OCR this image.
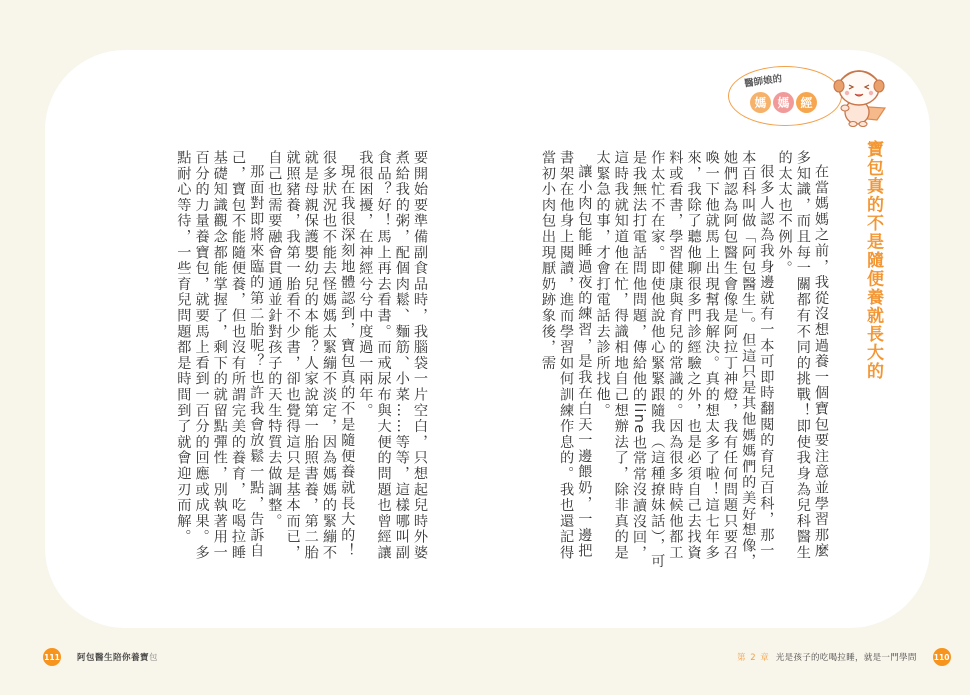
醫師娘的
媽 媽 經
寶包真的不是隨便養就長大的

在當媽媽之前，我從沒想過養一個寶包要注意並學習那麼多知識，而且每一關都有不同的挑戰！即使我身為兒科醫生的太太也不例外。

很多人認為我身邊就有一本可即時翻閱的育兒百科，那一本百科叫做「阿包醫生」。但這只是其他媽媽們的美好想像，她們認為阿包醫生會像是阿拉丁神燈，我有任何問題只要召喚一下他就馬上出現幫我解決。真的想太多了啦！這七年多來，我除了聽他聊很多門診經驗之外，也是必須自己去找資料或看書，學習健康與育兒的常識的。因為很多時候他都工作太忙不在家。即使他說他心緊緊跟隨我（這種撩妹話），可是我無法打電話問他問題，傳給他的line也常常沒讀沒回，這時我就知道他在忙，得識相地自己想辦法了，除非真的是太緊急的事，才會打電話去診所找他。

讓小肉包能睡過夜的練習，是我在白天一邊餵奶，一邊把書架在他身上閱讀，進而學習如何訓練作息的。我也還記得當初小肉包出現厭奶跡象後，需

要開始要準備副食品時，我腦袋一片空白，只想起兒時外婆煮給我的粥，配個肉鬆、麵筋、小菜……等等，這樣哪叫副食品？好！馬上再去看書。而戒尿布與大便的問題也曾經讓我很困擾，在神經兮兮中度過一兩年。

現在我很深刻地體認到，寶包真的不是隨便養就長大的！很多狀況也不能去怪媽媽太緊繃不淡定，因為媽媽的緊繃不就是母親保護嬰幼兒的本能？人家說第一胎照書養，第二胎就照豬養，我第一胎看不少書，卻也覺得這只是基本而已，自己也需要融會貫通並針對孩子的天生特質去做調整。

那面對即將來臨的第二胎呢？也許我會放鬆一點，告訴自己，寶包不能隨便養，但也沒有所謂完美的養育，吃喝拉睡基礎知識觀念都能掌握了，剩下的就留點彈性，別執著用一百分的力量養寶包，就要馬上看到一百分的回應或成果。多點耐心等待，一些育兒問題都是時間到了就會迎刃而解。

111 阿包醫生陪你養寶包	第 2 章 光是孩子的吃喝拉睡，就是一門學問 110
